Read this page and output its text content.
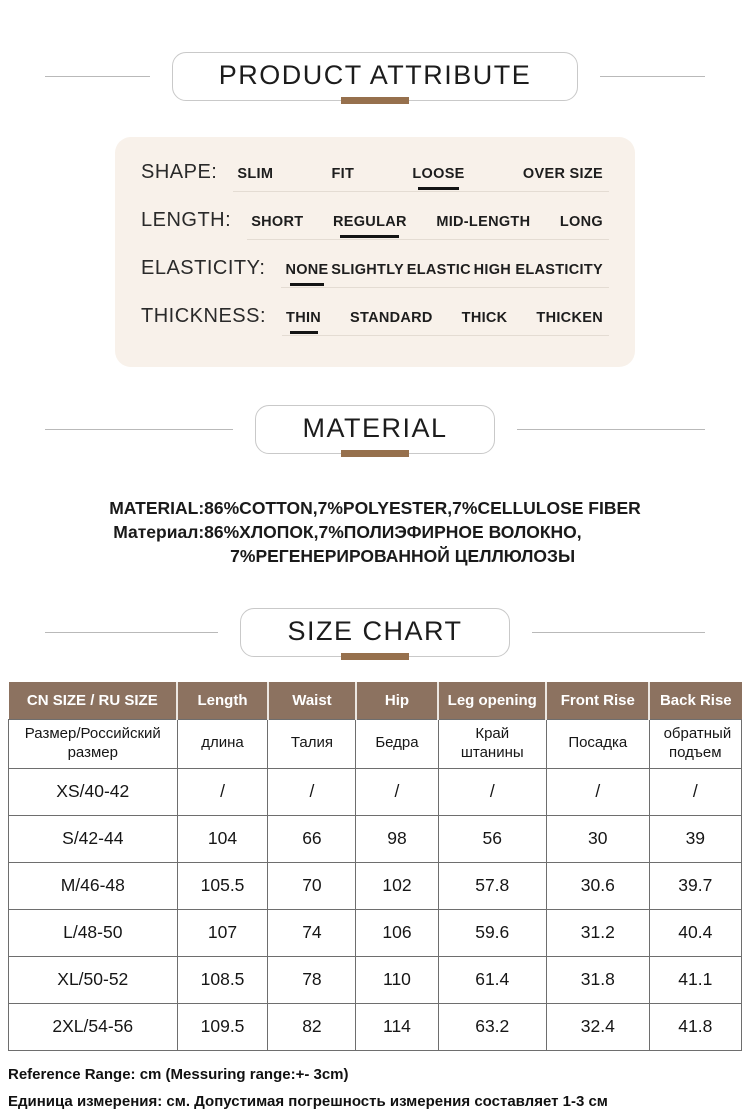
PRODUCT ATTRIBUTE
SHAPE: SLIM	FIT	LOOSE	OVER SIZE
LENGTH: SHORT REGULAR MID-LENGTH LONG
ELASTICITY: NONE SLIGHTLY ELASTIC HIGH ELASTICITY
THICKNESS: THIN STANDARD THICK THICKEN
MATERIAL
MATERIAL: 86%COTTON,7%POLYESTER,7%CELLULOSE FIBER
Материал: 86%ХЛОПОК,7%ПОЛИЭФИРНОЕ ВОЛОКНО,
7%РЕГЕНЕРИРОВАННОЙ ЦЕЛЛЮЛОЗЫ
SIZE CHART
CN SIZE / RU SIZE	Length	Waist	Hip	Leg opening	Front Rise	Back Rise
Размер/Российский размер	длина	Талия	Бедра	Край штанины	Посадка	обратный подъем
XS/40-42	/	/	/	/	/	/
S/42-44	104	66	98	56	30	39
M/46-48	105.5	70	102	57.8	30.6	39.7
L/48-50	107	74	106	59.6	31.2	40.4
XL/50-52	108.5	78	110	61.4	31.8	41.1
2XL/54-56	109.5	82	114	63.2	32.4	41.8
Reference Range: cm (Messuring range:+- 3cm)
Единица измерения: см. Допустимая погрешность измерения составляет 1-3 см
